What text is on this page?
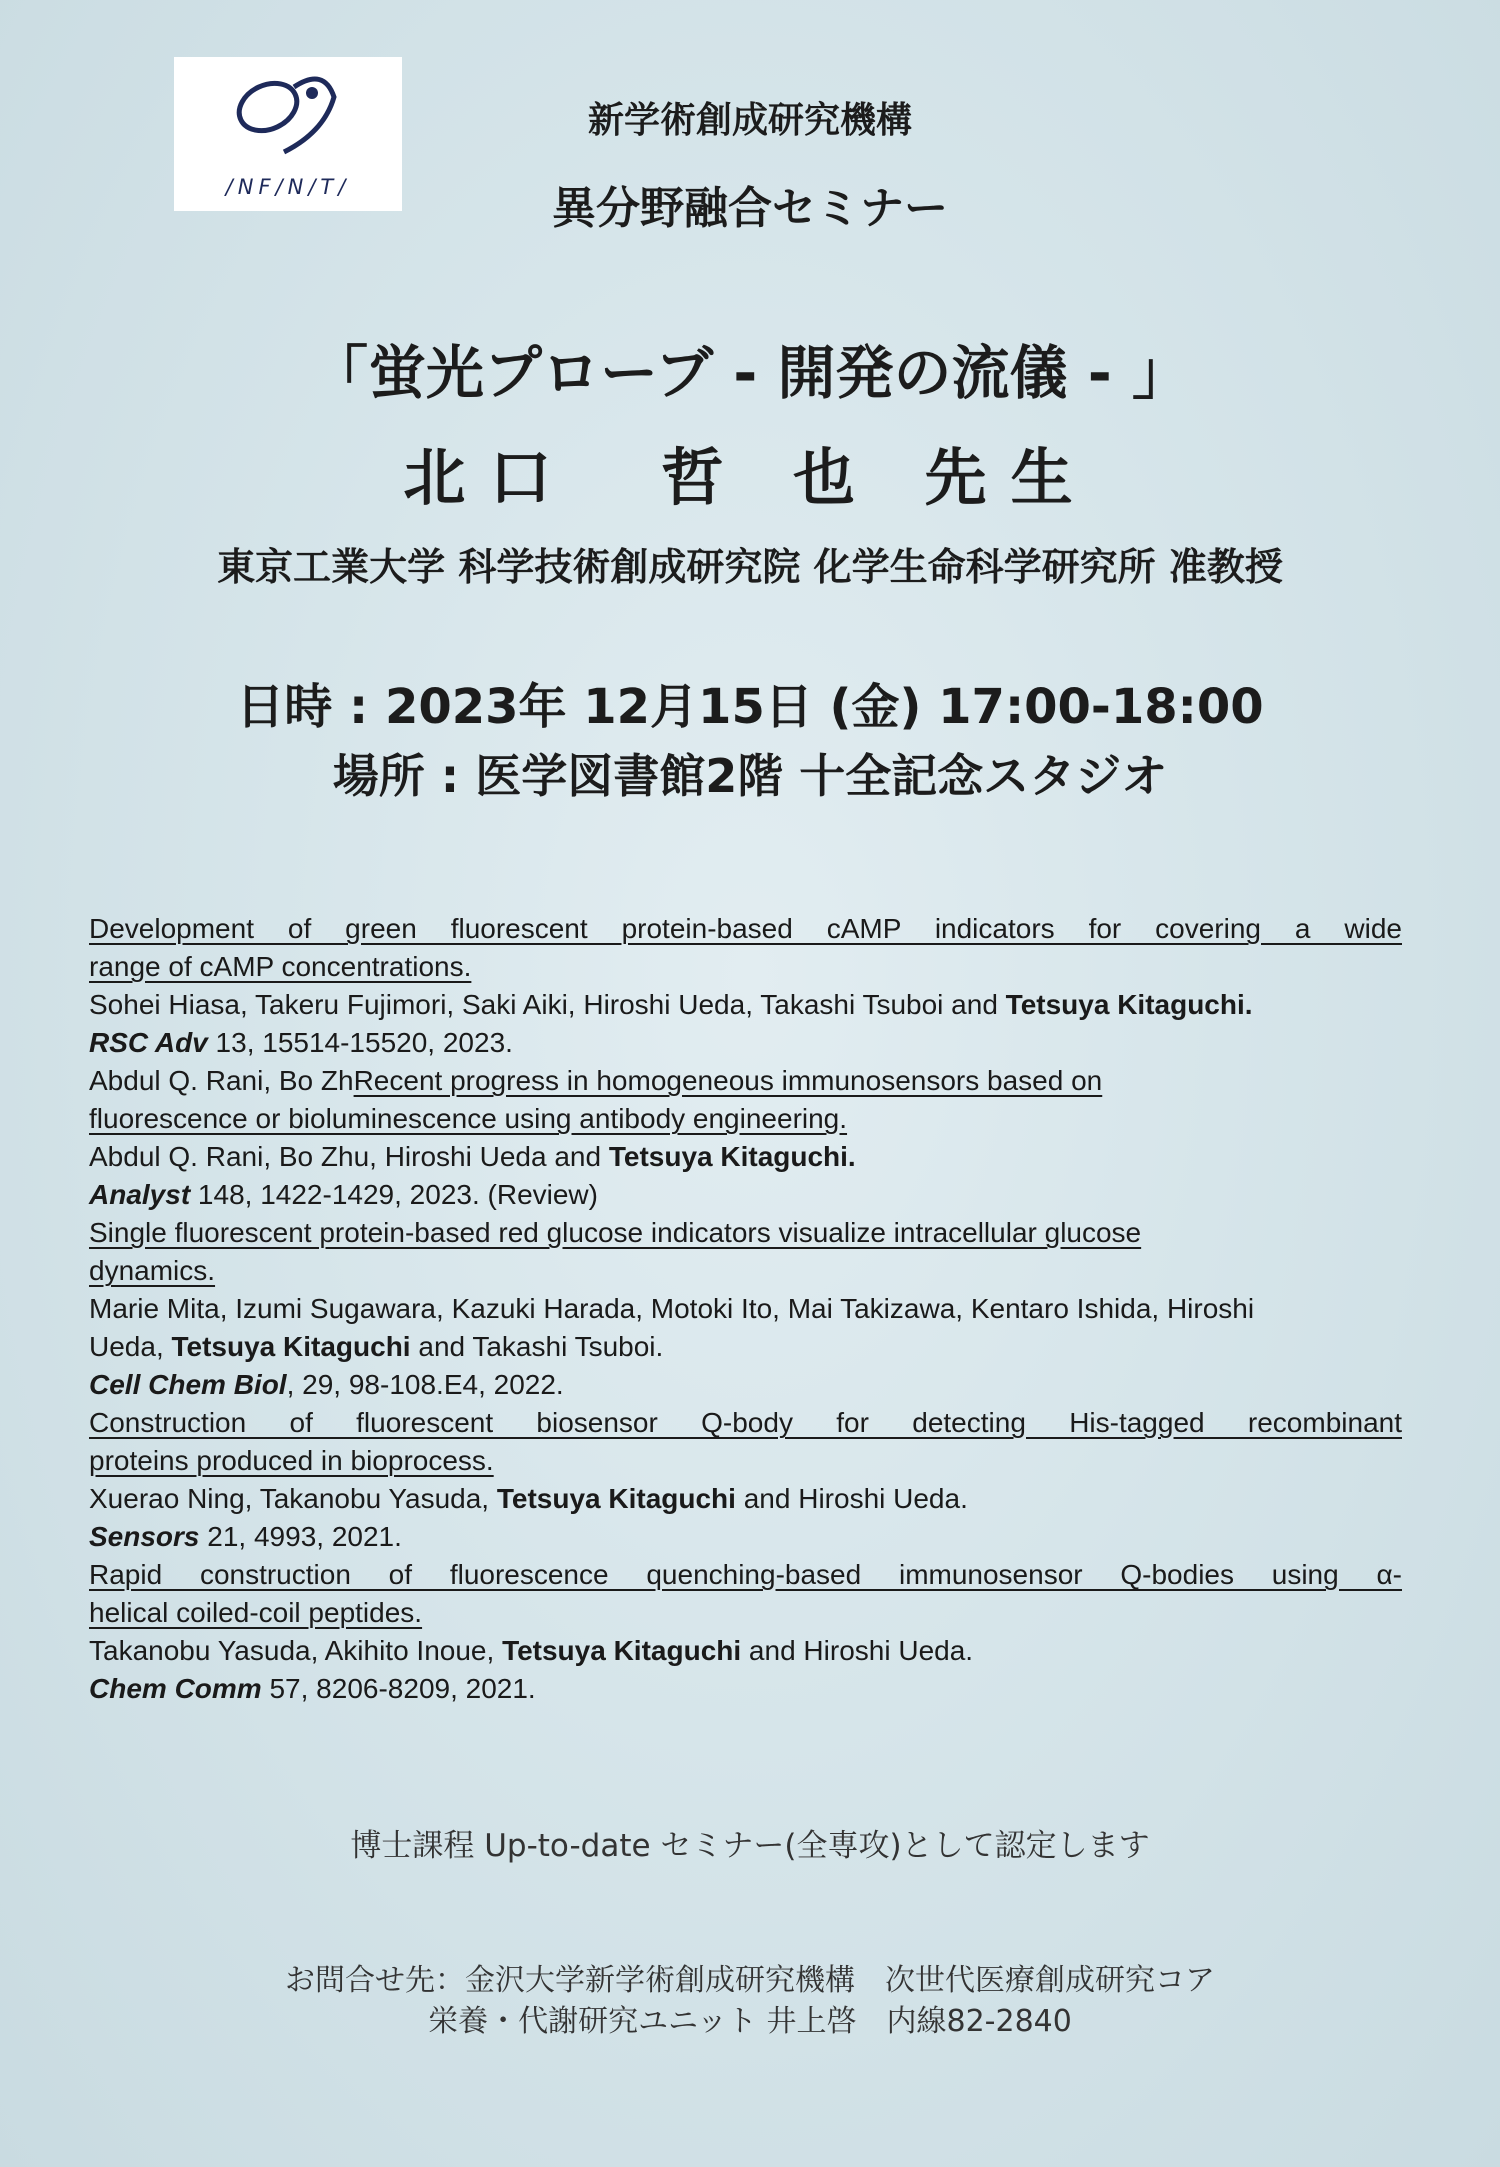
/NF/N/T/
新学術創成研究機構
異分野融合セミナー
「蛍光プローブ - 開発の流儀 - 」
北口　哲 也 先生
東京工業大学 科学技術創成研究院 化学生命科学研究所 准教授
日時 : 2023年 12月15日 (金) 17:00-18:00
場所 : 医学図書館2階 十全記念スタジオ
Development of green fluorescent protein-based cAMP indicators for covering a wide
range of cAMP concentrations.
Sohei Hiasa, Takeru Fujimori, Saki Aiki, Hiroshi Ueda, Takashi Tsuboi and Tetsuya Kitaguchi.
RSC Adv 13, 15514-15520, 2023.
Abdul Q. Rani, Bo ZhRecent progress in homogeneous immunosensors based on
fluorescence or bioluminescence using antibody engineering.
Abdul Q. Rani, Bo Zhu, Hiroshi Ueda and Tetsuya Kitaguchi.
Analyst 148, 1422-1429, 2023. (Review)
Single fluorescent protein-based red glucose indicators visualize intracellular glucose
dynamics.
Marie Mita, Izumi Sugawara, Kazuki Harada, Motoki Ito, Mai Takizawa, Kentaro Ishida, Hiroshi
Ueda, Tetsuya Kitaguchi and Takashi Tsuboi.
Cell Chem Biol, 29, 98-108.E4, 2022.
Construction of fluorescent biosensor Q-body for detecting His-tagged recombinant
proteins produced in bioprocess.
Xuerao Ning, Takanobu Yasuda, Tetsuya Kitaguchi and Hiroshi Ueda.
Sensors 21, 4993, 2021.
Rapid construction of fluorescence quenching-based immunosensor Q-bodies using α-
helical coiled-coil peptides.
Takanobu Yasuda, Akihito Inoue, Tetsuya Kitaguchi and Hiroshi Ueda.
Chem Comm 57, 8206-8209, 2021.
博士課程 Up-to-date セミナー(全専攻)として認定します
お問合せ先：金沢大学新学術創成研究機構　次世代医療創成研究コア
栄養・代謝研究ユニット 井上啓　内線82-2840
